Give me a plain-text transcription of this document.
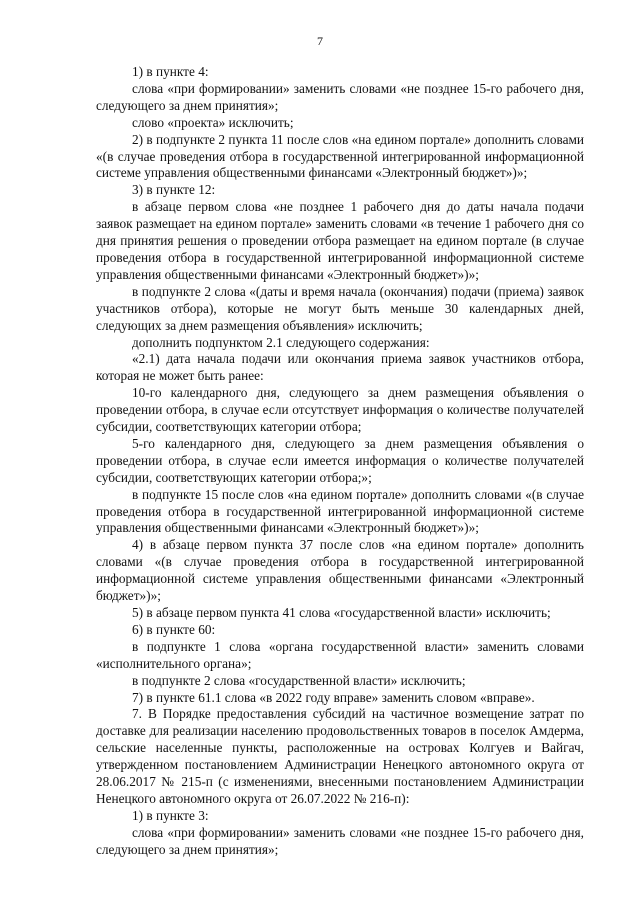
7

1) в пункте 4:

слова «при формировании» заменить словами «не позднее 15-го рабочего дня, следующего за днем принятия»;

слово «проекта» исключить;

2) в подпункте 2 пункта 11 после слов «на едином портале» дополнить словами «(в случае проведения отбора в государственной интегрированной информационной системе управления общественными финансами «Электронный бюджет»)»;

3) в пункте 12:

в абзаце первом слова «не позднее 1 рабочего дня до даты начала подачи заявок размещает на едином портале» заменить словами «в течение 1 рабочего дня со дня принятия решения о проведении отбора размещает на едином портале (в случае проведения отбора в государственной интегрированной информационной системе управления общественными финансами «Электронный бюджет»)»;

в подпункте 2 слова «(даты и время начала (окончания) подачи (приема) заявок участников отбора), которые не могут быть меньше 30 календарных дней, следующих за днем размещения объявления» исключить;

дополнить подпунктом 2.1 следующего содержания:

«2.1) дата начала подачи или окончания приема заявок участников отбора, которая не может быть ранее:

10-го календарного дня, следующего за днем размещения объявления о проведении отбора, в случае если отсутствует информация о количестве получателей субсидии, соответствующих категории отбора;

5-го календарного дня, следующего за днем размещения объявления о проведении отбора, в случае если имеется информация о количестве получателей субсидии, соответствующих категории отбора;»;

в подпункте 15 после слов «на едином портале» дополнить словами «(в случае проведения отбора в государственной интегрированной информационной системе управления общественными финансами «Электронный бюджет»)»;

4) в абзаце первом пункта 37 после слов «на едином портале» дополнить словами «(в случае проведения отбора в государственной интегрированной информационной системе управления общественными финансами «Электронный бюджет»)»;

5) в абзаце первом пункта 41 слова «государственной власти» исключить;

6) в пункте 60:

в подпункте 1 слова «органа государственной власти» заменить словами «исполнительного органа»;

в подпункте 2 слова «государственной власти» исключить;

7) в пункте 61.1 слова «в 2022 году вправе» заменить словом «вправе».

7. В Порядке предоставления субсидий на частичное возмещение затрат по доставке для реализации населению продовольственных товаров в поселок Амдерма, сельские населенные пункты, расположенные на островах Колгуев и Вайгач, утвержденном постановлением Администрации Ненецкого автономного округа от 28.06.2017 № 215-п (с изменениями, внесенными постановлением Администрации Ненецкого автономного округа от 26.07.2022 № 216-п):

1) в пункте 3:

слова «при формировании» заменить словами «не позднее 15-го рабочего дня, следующего за днем принятия»;
